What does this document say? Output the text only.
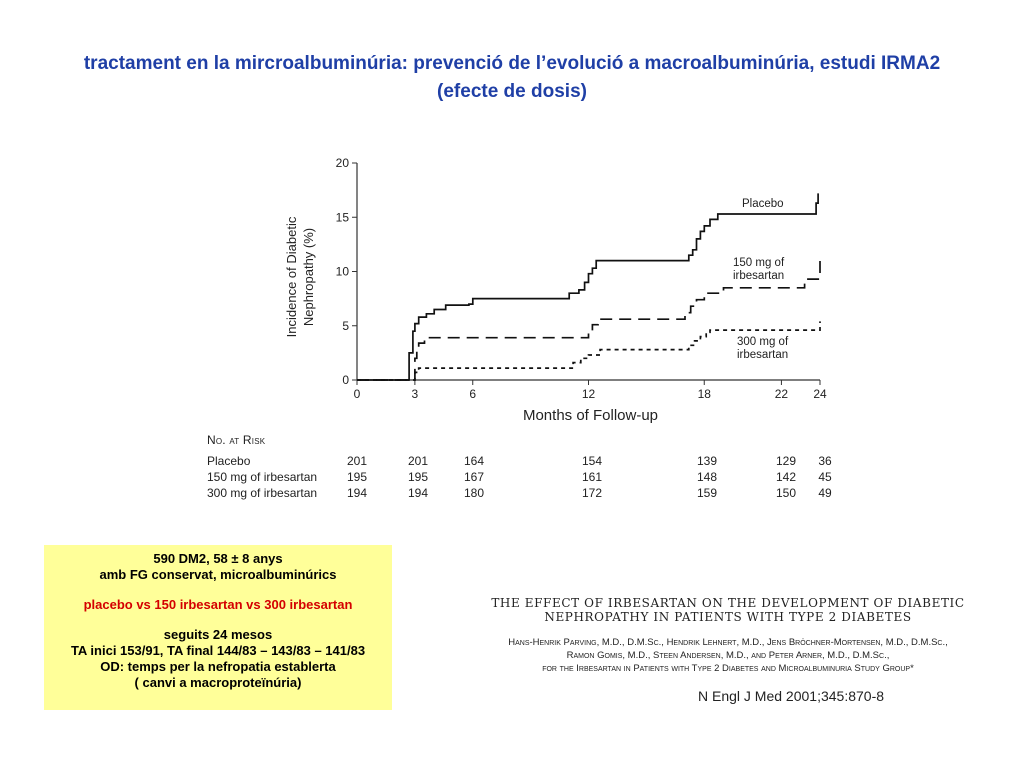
tractament en la mircroalbuminúria: prevenció de l’evolució a macroalbuminúria, estudi IRMA2
(efecte de dosis)
0
5
10
15
20
0	3	6	12	18	22 24
Months of Follow-up
Incidence of Diabetic Nephropathy (%)
Placebo
150 mg of
irbesartan
300 mg of
irbesartan
No. at Risk
Placebo	201	201	164	154	139	129 36
150 mg of irbesartan 195	195	167	161	148	142 45
300 mg of irbesartan 194	194	180	172	159	150 49
590 DM2, 58 ± 8 anys
amb FG conservat, microalbuminúrics
placebo vs 150 irbesartan vs 300 irbesartan
seguits 24 mesos
TA inici 153/91, TA final 144/83 – 143/83 – 141/83
OD: temps per la nefropatia establerta
( canvi a macroproteïnúria)
THE EFFECT OF IRBESARTAN ON THE DEVELOPMENT OF DIABETIC
NEPHROPATHY IN PATIENTS WITH TYPE 2 DIABETES
Hans-Henrik Parving, M.D., D.M.Sc., Hendrik Lehnert, M.D., Jens Bröchner-Mortensen, M.D., D.M.Sc.,
Ramon Gomis, M.D., Steen Andersen, M.D., and Peter Arner, M.D., D.M.Sc.,
for the Irbesartan in Patients with Type 2 Diabetes and Microalbuminuria Study Group*
N Engl J Med 2001;345:870-8
